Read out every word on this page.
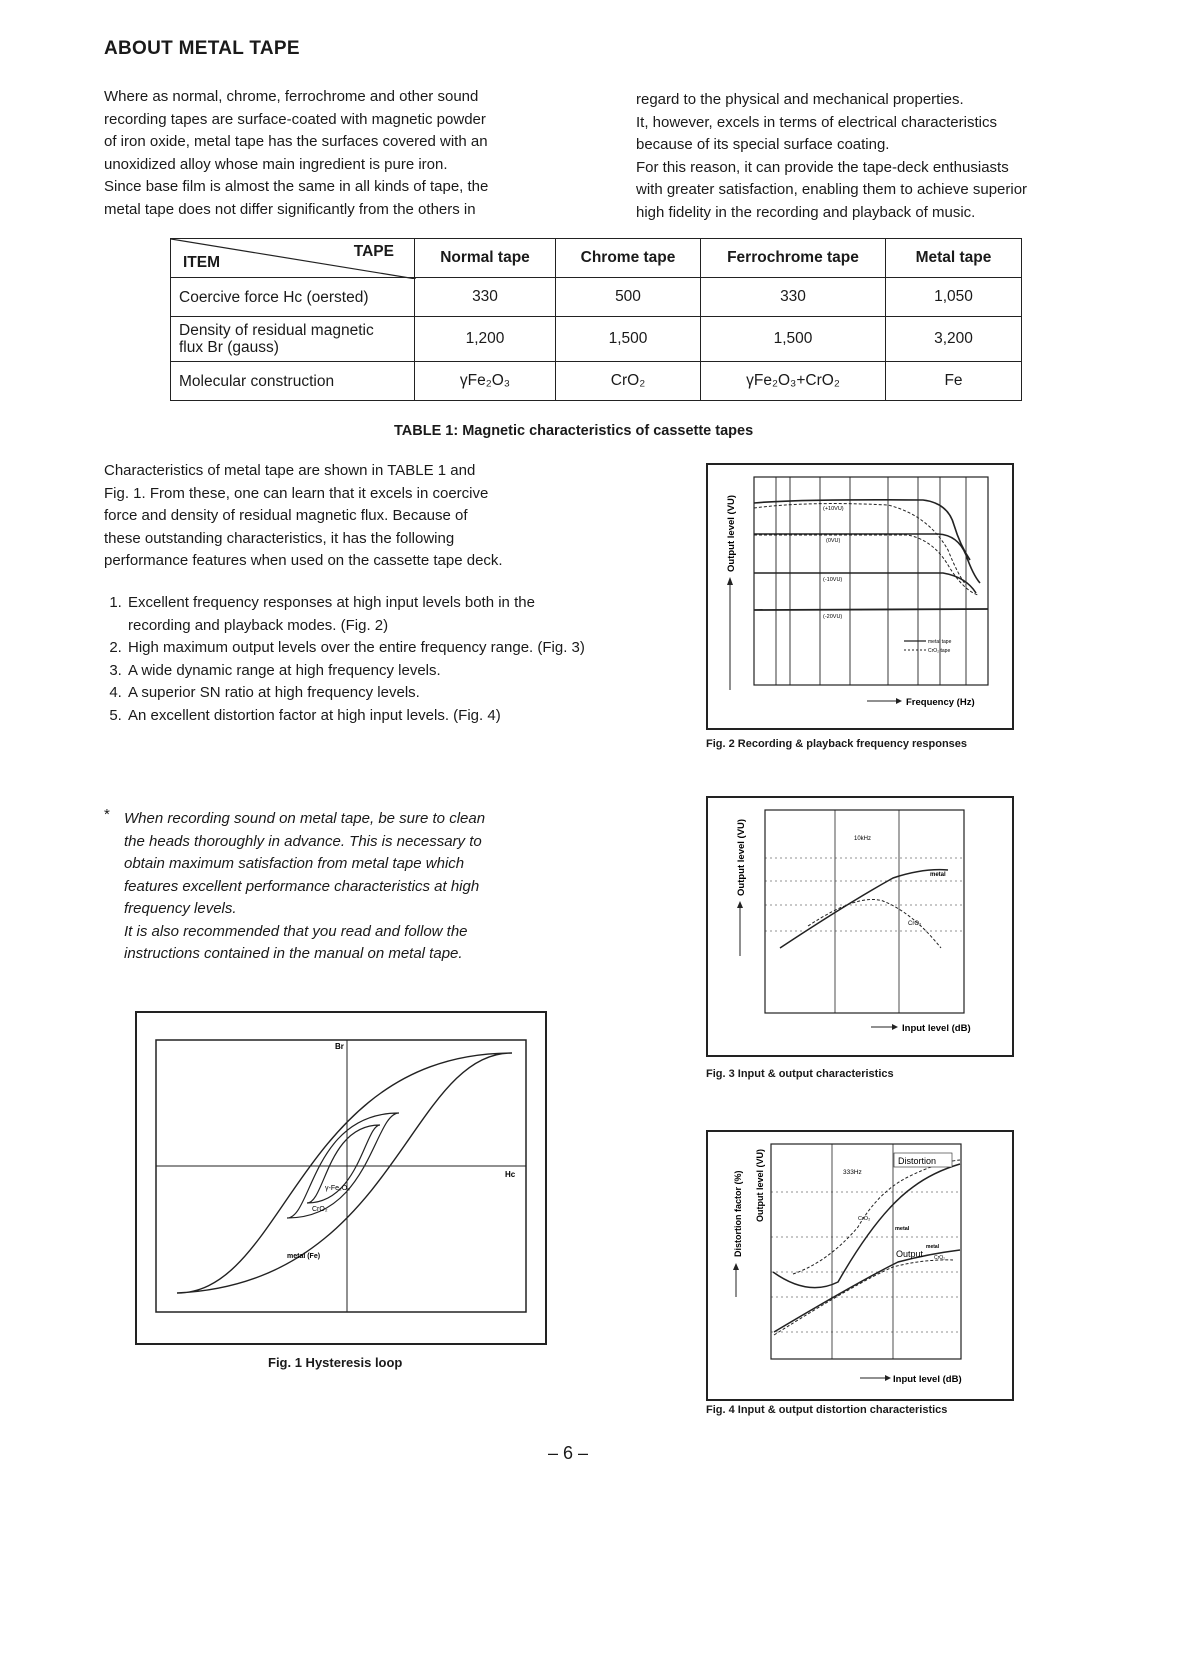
ABOUT METAL TAPE
Where as normal, chrome, ferrochrome and other sound
recording tapes are surface-coated with magnetic powder
of iron oxide, metal tape has the surfaces covered with an
unoxidized alloy whose main ingredient is pure iron.
Since base film is almost the same in all kinds of tape, the
metal tape does not differ significantly from the others in
regard to the physical and mechanical properties.
It, however, excels in terms of electrical characteristics
because of its special surface coating.
For this reason, it can provide the tape-deck enthusiasts
with greater satisfaction, enabling them to achieve superior
high fidelity in the recording and playback of music.
ITEM
TAPE	Normal tape	Chrome tape	Ferrochrome tape	Metal tape
Coercive force Hc (oersted)	330	500	330	1,050

Density of residual magnetic
flux Br (gauss)	1,200	1,500	1,500	3,200
Molecular construction	γFe₂O₃	CrO₂	γFe₂O₃+CrO₂	Fe
TABLE 1: Magnetic characteristics of cassette tapes
Characteristics of metal tape are shown in TABLE 1 and
Fig. 1. From these, one can learn that it excels in coercive
force and density of residual magnetic flux. Because of
these outstanding characteristics, it has the following
performance features when used on the cassette tape deck.
1. Excellent frequency responses at high input levels both in the recording and playback modes. (Fig. 2)
2. High maximum output levels over the entire frequency range. (Fig. 3)
3. A wide dynamic range at high frequency levels.
4. A superior SN ratio at high frequency levels.
5. An excellent distortion factor at high input levels. (Fig. 4)
* When recording sound on metal tape, be sure to clean
the heads thoroughly in advance. This is necessary to
obtain maximum satisfaction from metal tape which
features excellent performance characteristics at high
frequency levels.
It is also recommended that you read and follow the
instructions contained in the manual on metal tape.
Br
Hc
γ-Fe₂O₃
CrO₂
metal (Fe)
Fig. 1 Hysteresis loop
(+10VU)
(0VU)
(-10VU)
(-20VU)
metal tape
CrO₂ tape
Frequency (Hz)
Output level (VU)
Fig. 2 Recording & playback frequency responses
10kHz
metal
CrO₂
Input level (dB)
Output level (VU)
Fig. 3 Input & output characteristics
333Hz
Distortion
Output
CrO₂
metal
metal
CrO₂
Input level (dB)
Distortion factor (%) Output level (VU)
Fig. 4 Input & output distortion characteristics
– 6 –
